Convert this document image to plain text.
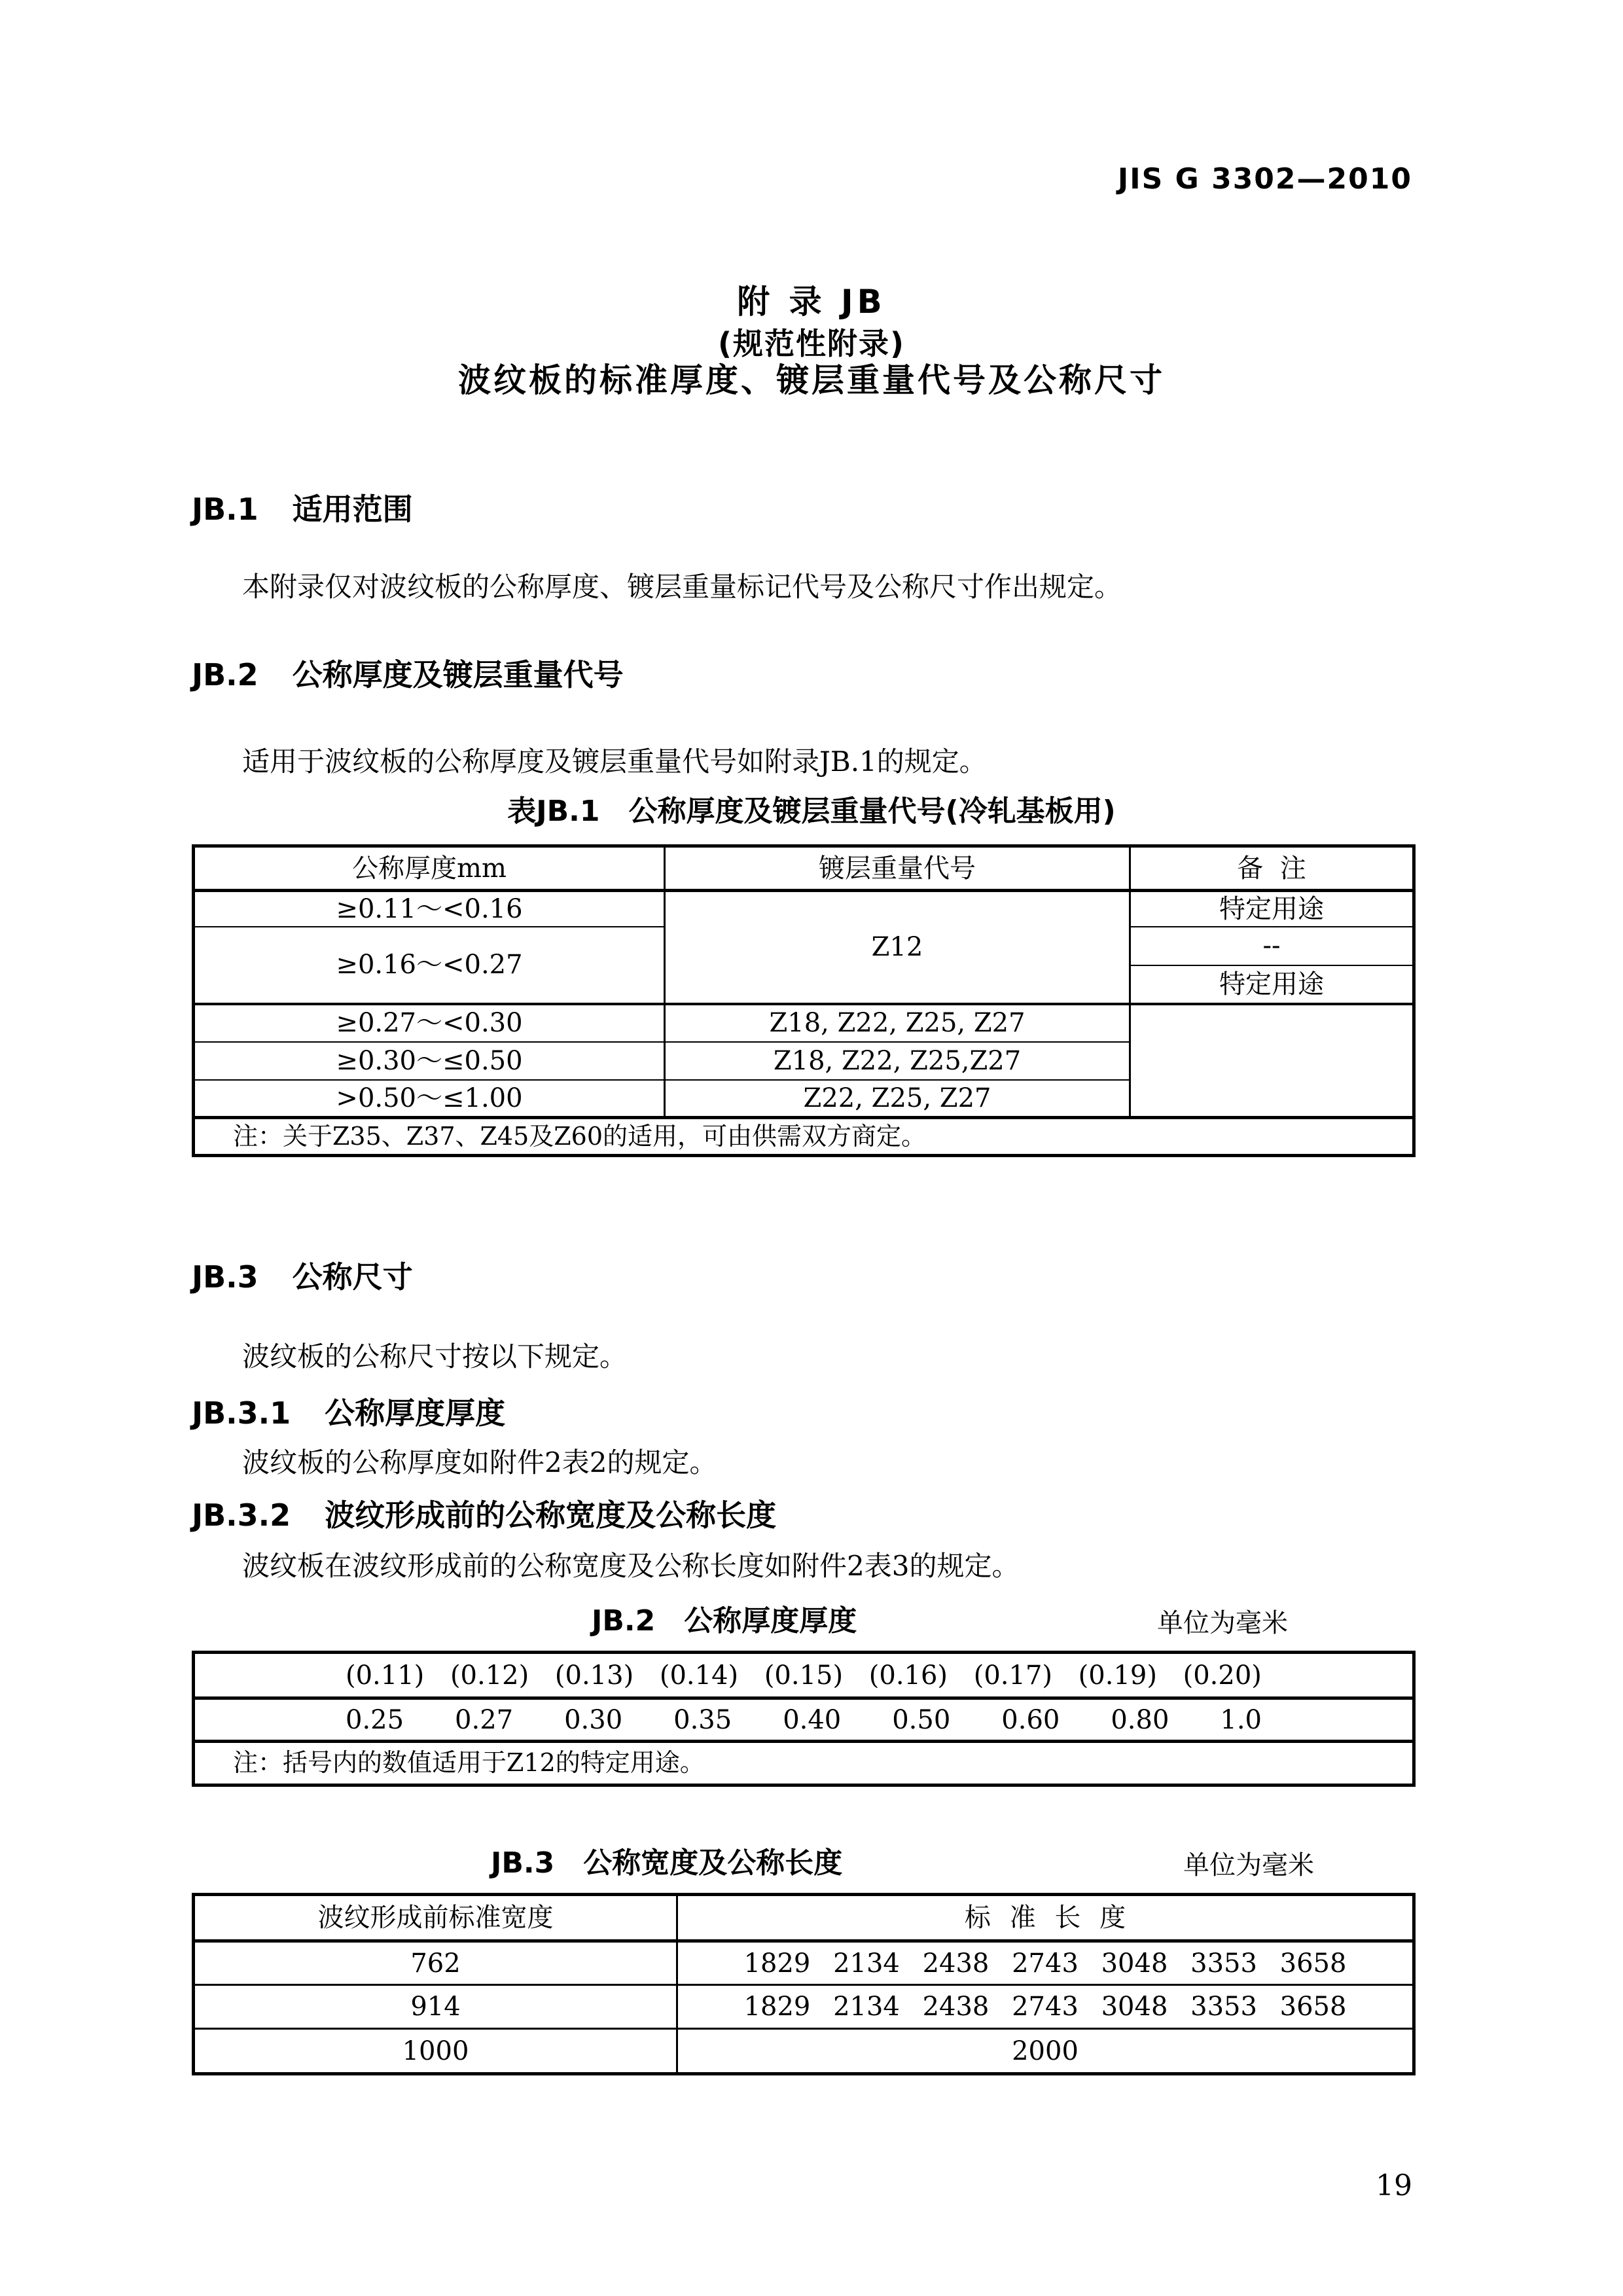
JIS G 3302—2010
附 录 JB
(规范性附录)
波纹板的标准厚度、镀层重量代号及公称尺寸
JB.1 适用范围
本附录仅对波纹板的公称厚度、镀层重量标记代号及公称尺寸作出规定。
JB.2 公称厚度及镀层重量代号
适用于波纹板的公称厚度及镀层重量代号如附录JB.1的规定。
表JB.1 公称厚度及镀层重量代号(冷轧基板用)
公称厚度mm	镀层重量代号	备  注
≥0.11～<0.16	Z12	特定用途
≥0.16～<0.27		--
		特定用途
≥0.27～<0.30	Z18, Z22, Z25, Z27	
≥0.30～≤0.50	Z18, Z22, Z25,Z27	
>0.50～≤1.00	Z22, Z25, Z27	
注：关于Z35、Z37、Z45及Z60的适用，可由供需双方商定。		
JB.3 公称尺寸
波纹板的公称尺寸按以下规定。
JB.3.1 公称厚度厚度
波纹板的公称厚度如附件2表2的规定。
JB.3.2 波纹形成前的公称宽度及公称长度
波纹板在波纹形成前的公称宽度及公称长度如附件2表3的规定。
JB.2 公称厚度厚度	单位为毫米
(0.11) (0.12) (0.13) (0.14) (0.15) (0.16) (0.17) (0.19) (0.20)

0.25 0.27 0.30 0.35 0.40 0.50 0.60 0.80 1.0

注：括号内的数值适用于Z12的特定用途。
JB.3 公称宽度及公称长度	单位为毫米
波纹形成前标准宽度	标 准 长 度
762	1829 2134 2438 2743 3048 3353 3658
914	1829 2134 2438 2743 3048 3353 3658
1000	2000
19
